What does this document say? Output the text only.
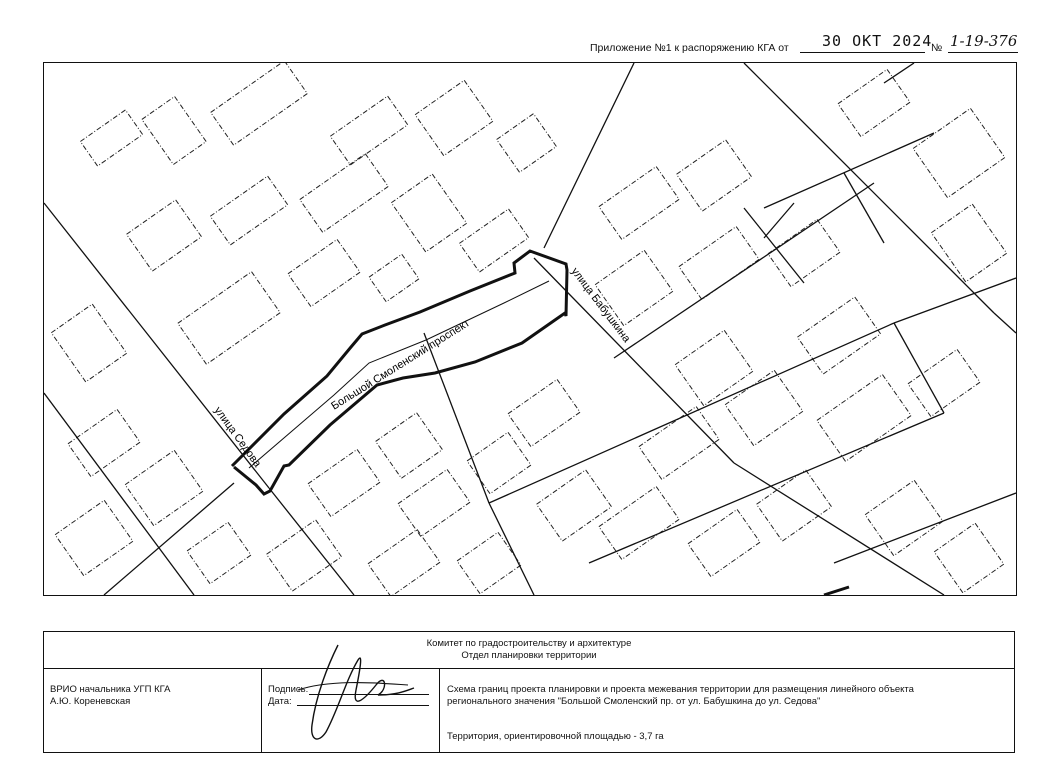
Приложение №1 к распоряжению КГА от 30 ОКТ 2024
№ 1-19-376
Большой Смоленский проспект
улица Седова
улица Бабушкина
Комитет по градостроительству и архитектуре
Отдел планировки территории
ВРИО начальника УГП КГА
А.Ю. Кореневская
Подпись:
Дата:
Схема границ проекта планировки и проекта межевания территории для размещения линейного объекта
регионального значения "Большой Смоленский пр. от ул. Бабушкина до ул. Седова"
Территория, ориентировочной площадью - 3,7 га
